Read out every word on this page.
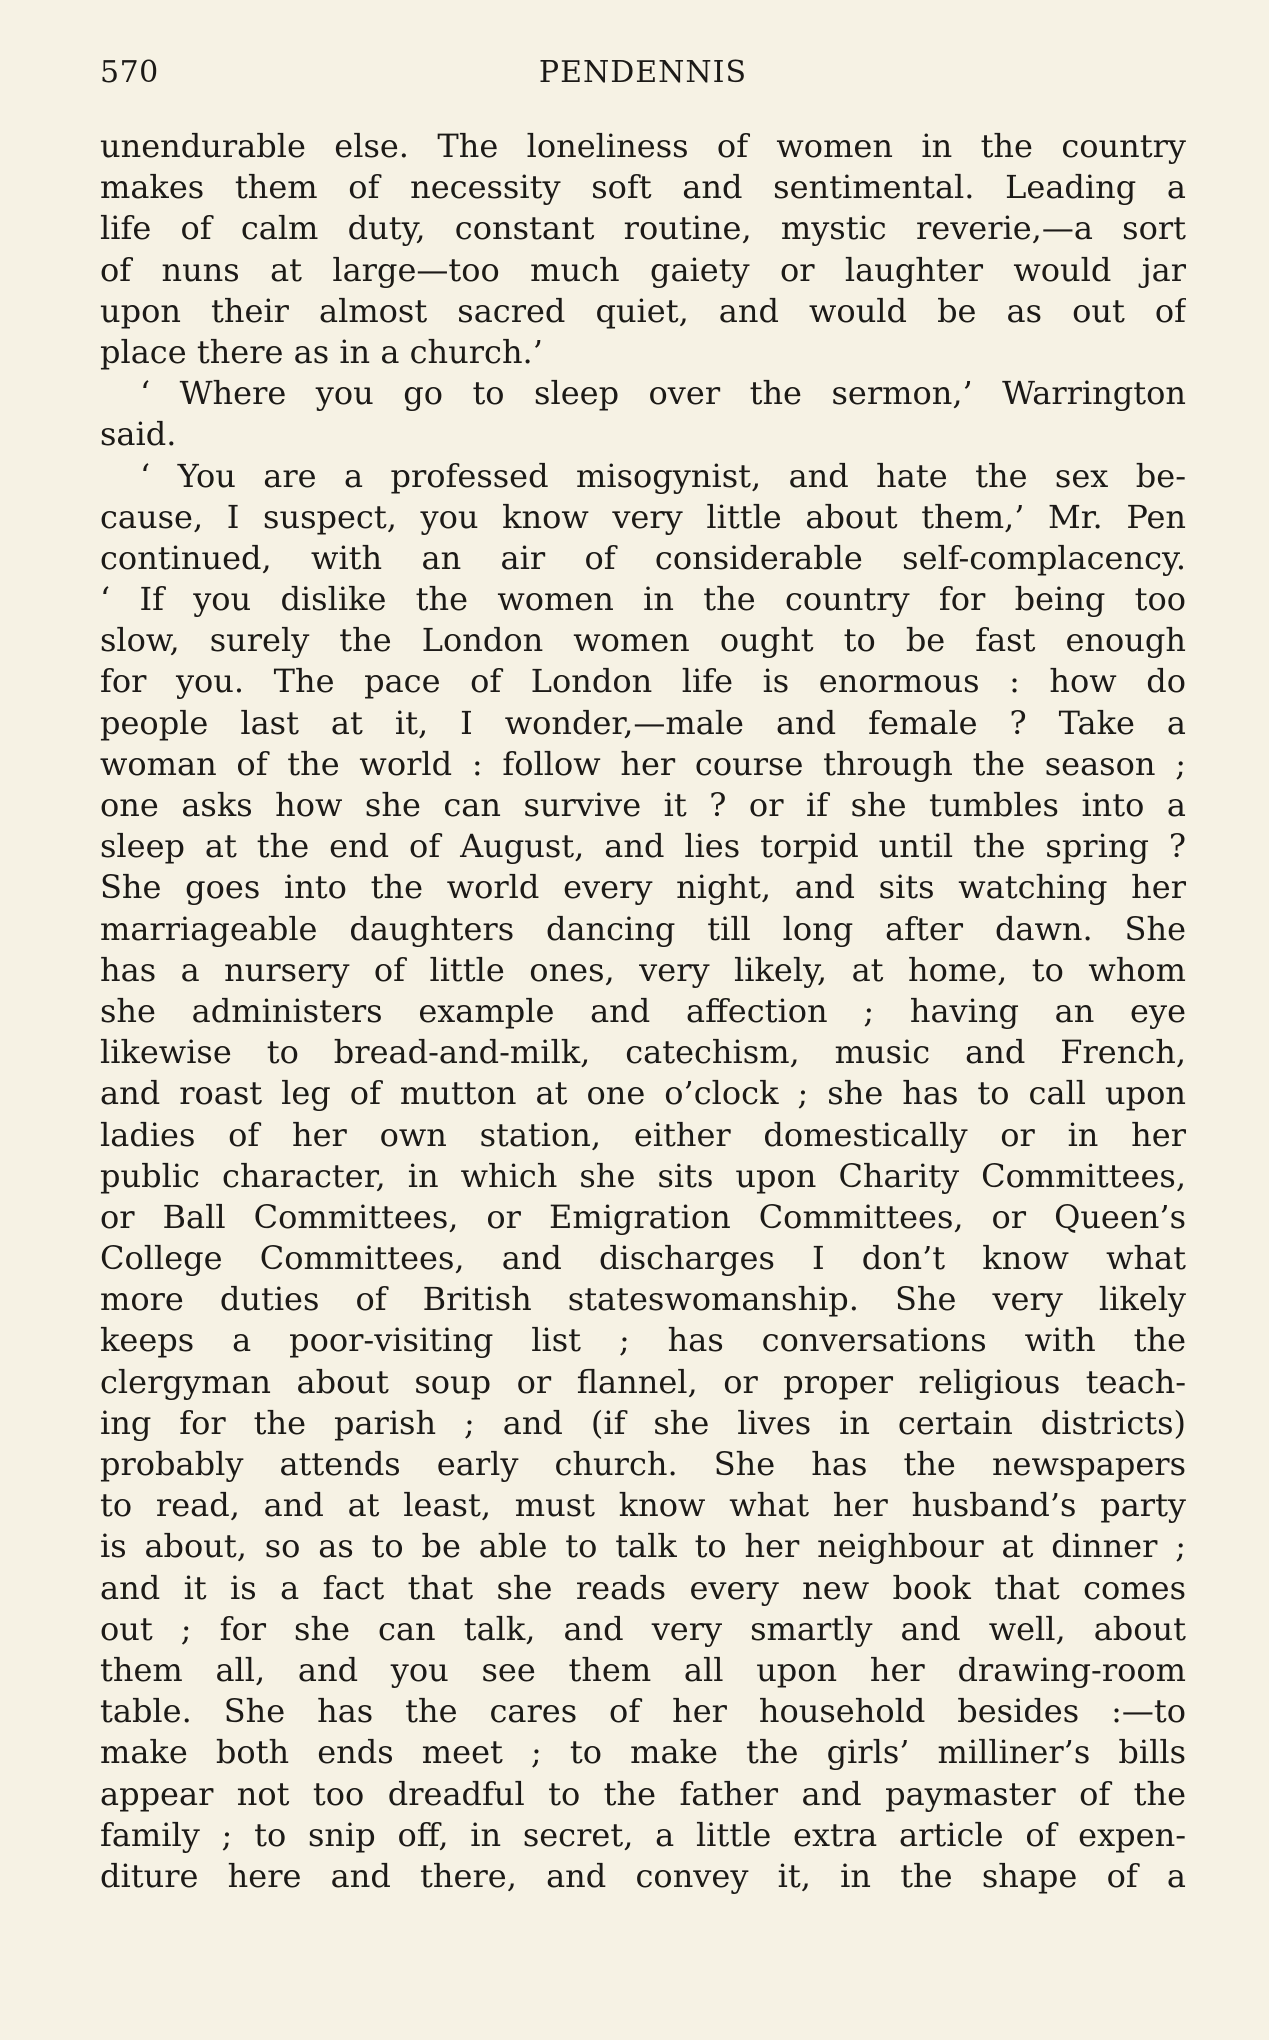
570	PENDENNIS
unendurable else. The loneliness of women in the country
makes them of necessity soft and sentimental. Leading a
life of calm duty, constant routine, mystic reverie,—a sort
of nuns at large—too much gaiety or laughter would jar
upon their almost sacred quiet, and would be as out of
place there as in a church.’
‘ Where you go to sleep over the sermon,’ Warrington
said.
‘ You are a professed misogynist, and hate the sex be-
cause, I suspect, you know very little about them,’ Mr. Pen
continued, with an air of considerable self-complacency.
‘ If you dislike the women in the country for being too
slow, surely the London women ought to be fast enough
for you. The pace of London life is enormous : how do
people last at it, I wonder,—male and female ? Take a
woman of the world : follow her course through the season ;
one asks how she can survive it ? or if she tumbles into a
sleep at the end of August, and lies torpid until the spring ?
She goes into the world every night, and sits watching her
marriageable daughters dancing till long after dawn. She
has a nursery of little ones, very likely, at home, to whom
she administers example and affection ; having an eye
likewise to bread-and-milk, catechism, music and French,
and roast leg of mutton at one o’clock ; she has to call upon
ladies of her own station, either domestically or in her
public character, in which she sits upon Charity Committees,
or Ball Committees, or Emigration Committees, or Queen’s
College Committees, and discharges I don’t know what
more duties of British stateswomanship. She very likely
keeps a poor-visiting list ; has conversations with the
clergyman about soup or flannel, or proper religious teach-
ing for the parish ; and (if she lives in certain districts)
probably attends early church. She has the newspapers
to read, and at least, must know what her husband’s party
is about, so as to be able to talk to her neighbour at dinner ;
and it is a fact that she reads every new book that comes
out ; for she can talk, and very smartly and well, about
them all, and you see them all upon her drawing-room
table. She has the cares of her household besides :—to
make both ends meet ; to make the girls’ milliner’s bills
appear not too dreadful to the father and paymaster of the
family ; to snip off, in secret, a little extra article of expen-
diture here and there, and convey it, in the shape of a
